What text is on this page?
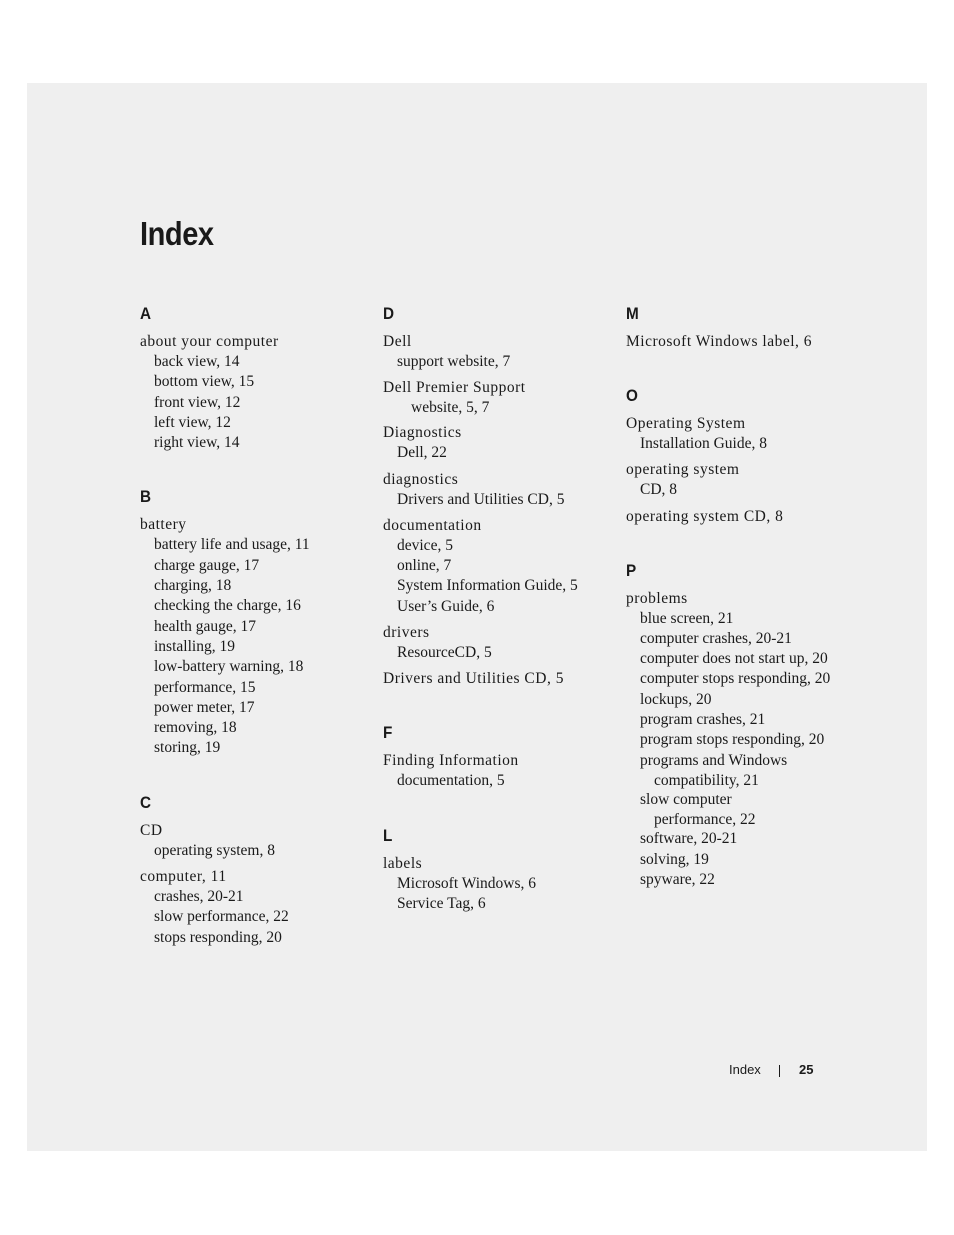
Index
A
about your computer
back view, 14
bottom view, 15
front view, 12
left view, 12
right view, 14
B
battery
battery life and usage, 11
charge gauge, 17
charging, 18
checking the charge, 16
health gauge, 17
installing, 19
low-battery warning, 18
performance, 15
power meter, 17
removing, 18
storing, 19
C
CD
operating system, 8
computer, 11
crashes, 20-21
slow performance, 22
stops responding, 20
D
Dell
support website, 7
Dell Premier Support
website, 5, 7
Diagnostics
Dell, 22
diagnostics
Drivers and Utilities CD, 5
documentation
device, 5
online, 7
System Information Guide, 5
User’s Guide, 6
drivers
ResourceCD, 5
Drivers and Utilities CD, 5
F
Finding Information
documentation, 5
L
labels
Microsoft Windows, 6
Service Tag, 6
M
Microsoft Windows label, 6
O
Operating System
Installation Guide, 8
operating system
CD, 8
operating system CD, 8
P
problems
blue screen, 21
computer crashes, 20-21
computer does not start up, 20
computer stops responding, 20
lockups, 20
program crashes, 21
program stops responding, 20
programs and Windows
compatibility, 21
slow computer
performance, 22
software, 20-21
solving, 19
spyware, 22
Index	25
